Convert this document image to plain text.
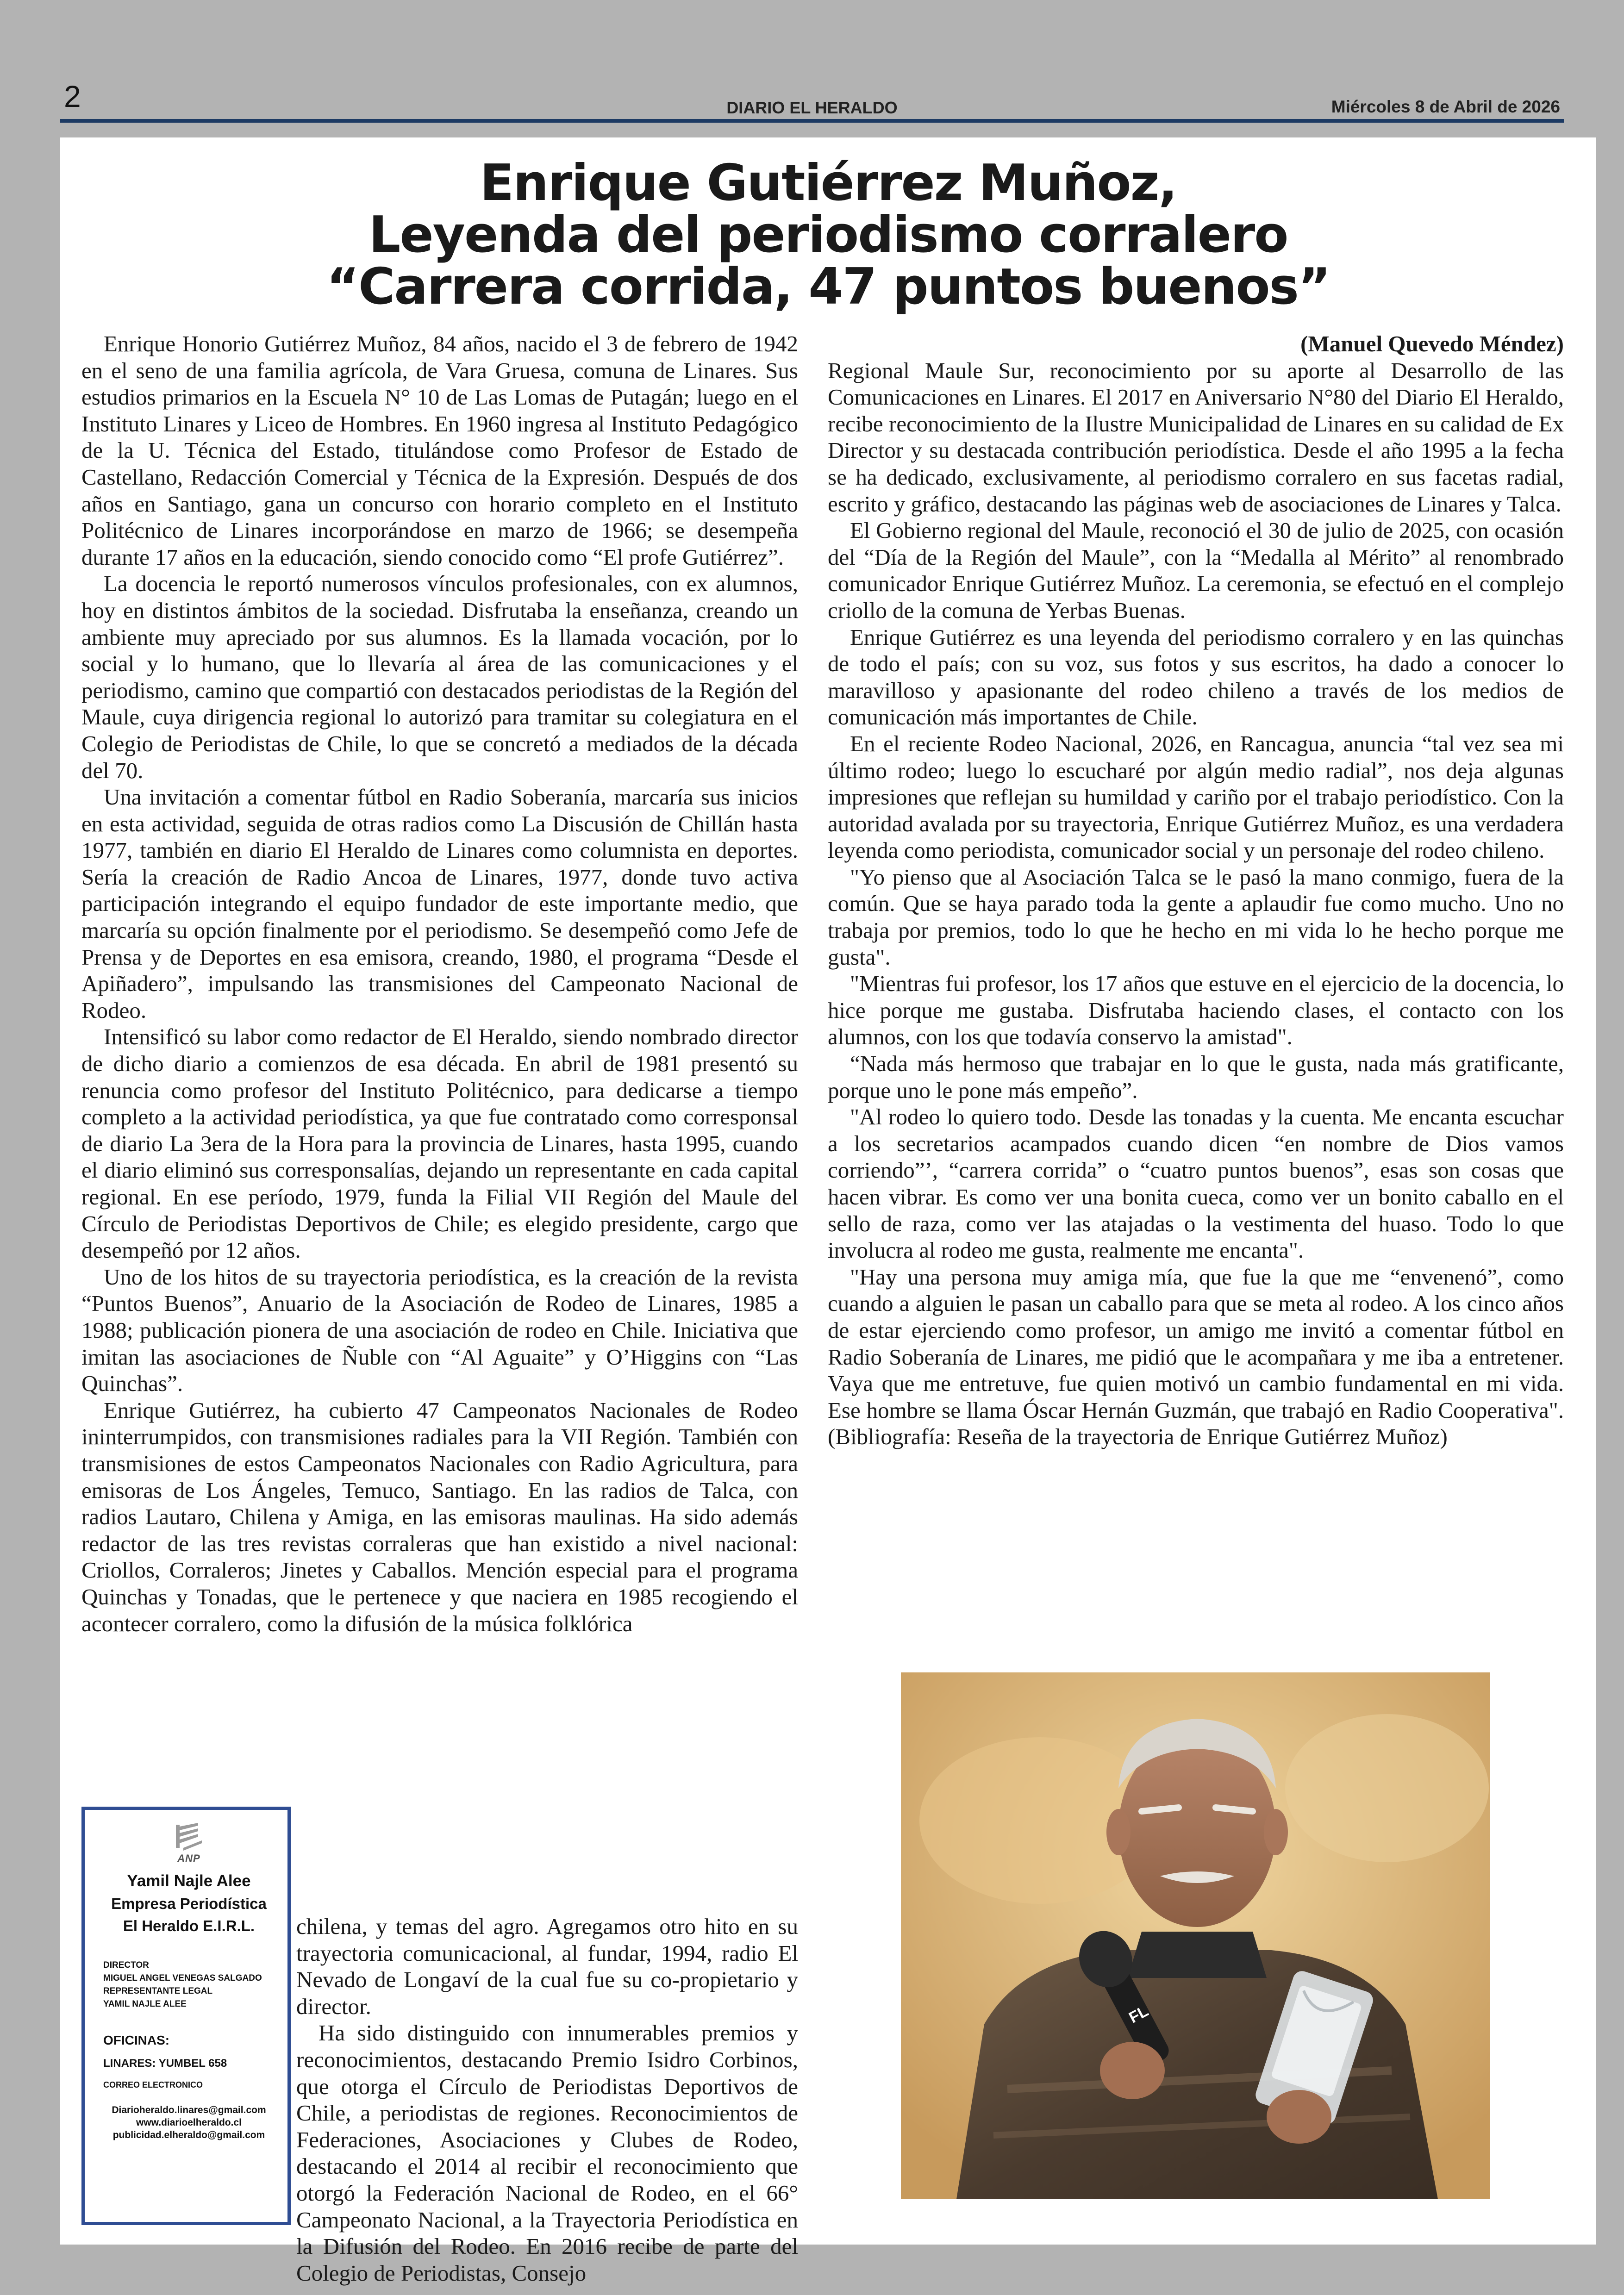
2	DIARIO EL HERALDO	Miércoles 8 de Abril de 2026
Enrique Gutiérrez Muñoz,
Leyenda del periodismo corralero
“Carrera corrida, 47 puntos buenos”

Enrique Honorio Gutiérrez Muñoz, 84 años, nacido el 3 de febrero de 1942 en el seno de una familia agrícola, de Vara Gruesa, comuna de Linares. Sus estudios primarios en la Escuela N° 10 de Las Lomas de Putagán; luego en el Instituto Linares y Liceo de Hombres. En 1960 ingresa al Instituto Pedagógico de la U. Técnica del Estado, titulándose como Profesor de Estado de Castellano, Redacción Comercial y Técnica de la Expresión. Después de dos años en Santiago, gana un concurso con horario completo en el Instituto Politécnico de Linares incorporándose en marzo de 1966; se desempeña durante 17 años en la educación, siendo conocido como “El profe Gutiérrez”.

La docencia le reportó numerosos vínculos profesionales, con ex alumnos, hoy en distintos ámbitos de la sociedad. Disfrutaba la enseñanza, creando un ambiente muy apreciado por sus alumnos. Es la llamada vocación, por lo social y lo humano, que lo llevaría al área de las comunicaciones y el periodismo, camino que compartió con destacados periodistas de la Región del Maule, cuya dirigencia regional lo autorizó para tramitar su colegiatura en el Colegio de Periodistas de Chile, lo que se concretó a mediados de la década del 70.

Una invitación a comentar fútbol en Radio Soberanía, marcaría sus inicios en esta actividad, seguida de otras radios como La Discusión de Chillán hasta 1977, también en diario El Heraldo de Linares como columnista en deportes. Sería la creación de Radio Ancoa de Linares, 1977, donde tuvo activa participación integrando el equipo fundador de este importante medio, que marcaría su opción finalmente por el periodismo. Se desempeñó como Jefe de Prensa y de Deportes en esa emisora, creando, 1980, el programa “Desde el Apiñadero”, impulsando las transmisiones del Campeonato Nacional de Rodeo.

Intensificó su labor como redactor de El Heraldo, siendo nombrado director de dicho diario a comienzos de esa década. En abril de 1981 presentó su renuncia como profesor del Instituto Politécnico, para dedicarse a tiempo completo a la actividad periodística, ya que fue contratado como corresponsal de diario La 3era de la Hora para la provincia de Linares, hasta 1995, cuando el diario eliminó sus corresponsalías, dejando un representante en cada capital regional. En ese período, 1979, funda la Filial VII Región del Maule del Círculo de Periodistas Deportivos de Chile; es elegido presidente, cargo que desempeñó por 12 años.

Uno de los hitos de su trayectoria periodística, es la creación de la revista “Puntos Buenos”, Anuario de la Asociación de Rodeo de Linares, 1985 a 1988; publicación pionera de una asociación de rodeo en Chile. Iniciativa que imitan las asociaciones de Ñuble con “Al Aguaite” y O’Higgins con “Las Quinchas”.

Enrique Gutiérrez, ha cubierto 47 Campeonatos Nacionales de Rodeo ininterrumpidos, con transmisiones radiales para la VII Región. También con transmisiones de estos Campeonatos Nacionales con Radio Agricultura, para emisoras de Los Ángeles, Temuco, Santiago. En las radios de Talca, con radios Lautaro, Chilena y Amiga, en las emisoras maulinas. Ha sido además redactor de las tres revistas corraleras que han existido a nivel nacional: Criollos, Corraleros; Jinetes y Caballos. Mención especial para el programa Quinchas y Tonadas, que le pertenece y que naciera en 1985 recogiendo el acontecer corralero, como la difusión de la música folklórica

chilena, y temas del agro. Agregamos otro hito en su trayectoria comunicacional, al fundar, 1994, radio El Nevado de Longaví de la cual fue su co-propietario y director.

Ha sido distinguido con innumerables premios y reconocimientos, destacando Premio Isidro Corbinos, que otorga el Círculo de Periodistas Deportivos de Chile, a periodistas de regiones. Reconocimientos de Federaciones, Asociaciones y Clubes de Rodeo, destacando el 2014 al recibir el reconocimiento que otorgó la Federación Nacional de Rodeo, en el 66° Campeonato Nacional, a la Trayectoria Periodística en la Difusión del Rodeo. En 2016 recibe de parte del Colegio de Periodistas, Consejo

ANP
Yamil Najle Alee
Empresa Periodística
El Heraldo E.I.R.L.
DIRECTOR
MIGUEL ANGEL VENEGAS SALGADO
REPRESENTANTE LEGAL
YAMIL NAJLE ALEE
OFICINAS:
LINARES: YUMBEL 658
CORREO ELECTRONICO
Diarioheraldo.linares@gmail.com
www.diarioelheraldo.cl
publicidad.elheraldo@gmail.com

(Manuel Quevedo Méndez)

Regional Maule Sur, reconocimiento por su aporte al Desarrollo de las Comunicaciones en Linares. El 2017 en Aniversario N°80 del Diario El Heraldo, recibe reconocimiento de la Ilustre Municipalidad de Linares en su calidad de Ex Director y su destacada contribución periodística. Desde el año 1995 a la fecha se ha dedicado, exclusivamente, al periodismo corralero en sus facetas radial, escrito y gráfico, destacando las páginas web de asociaciones de Linares y Talca.

El Gobierno regional del Maule, reconoció el 30 de julio de 2025, con ocasión del “Día de la Región del Maule”, con la “Medalla al Mérito” al renombrado comunicador Enrique Gutiérrez Muñoz. La ceremonia, se efectuó en el complejo criollo de la comuna de Yerbas Buenas.

Enrique Gutiérrez es una leyenda del periodismo corralero y en las quinchas de todo el país; con su voz, sus fotos y sus escritos, ha dado a conocer lo maravilloso y apasionante del rodeo chileno a través de los medios de comunicación más importantes de Chile.

En el reciente Rodeo Nacional, 2026, en Rancagua, anuncia “tal vez sea mi último rodeo; luego lo escucharé por algún medio radial”, nos deja algunas impresiones que reflejan su humildad y cariño por el trabajo periodístico. Con la autoridad avalada por su trayectoria, Enrique Gutiérrez Muñoz, es una verdadera leyenda como periodista, comunicador social y un personaje del rodeo chileno.

"Yo pienso que al Asociación Talca se le pasó la mano conmigo, fuera de la común. Que se haya parado toda la gente a aplaudir fue como mucho. Uno no trabaja por premios, todo lo que he hecho en mi vida lo he hecho porque me gusta".

"Mientras fui profesor, los 17 años que estuve en el ejercicio de la docencia, lo hice porque me gustaba. Disfrutaba haciendo clases, el contacto con los alumnos, con los que todavía conservo la amistad".

“Nada más hermoso que trabajar en lo que le gusta, nada más gratificante, porque uno le pone más empeño”.

"Al rodeo lo quiero todo. Desde las tonadas y la cuenta. Me encanta escuchar a los secretarios acampados cuando dicen “en nombre de Dios vamos corriendo”’, “carrera corrida” o “cuatro puntos buenos”, esas son cosas que hacen vibrar. Es como ver una bonita cueca, como ver un bonito caballo en el sello de raza, como ver las atajadas o la vestimenta del huaso. Todo lo que involucra al rodeo me gusta, realmente me encanta".

"Hay una persona muy amiga mía, que fue la que me “envenenó”, como cuando a alguien le pasan un caballo para que se meta al rodeo. A los cinco años de estar ejerciendo como profesor, un amigo me invitó a comentar fútbol en Radio Soberanía de Linares, me pidió que le acompañara y me iba a entretener. Vaya que me entretuve, fue quien motivó un cambio fundamental en mi vida. Ese hombre se llama Óscar Hernán Guzmán, que trabajó en Radio Cooperativa". (Bibliografía: Reseña de la trayectoria de Enrique Gutiérrez Muñoz)

FL
